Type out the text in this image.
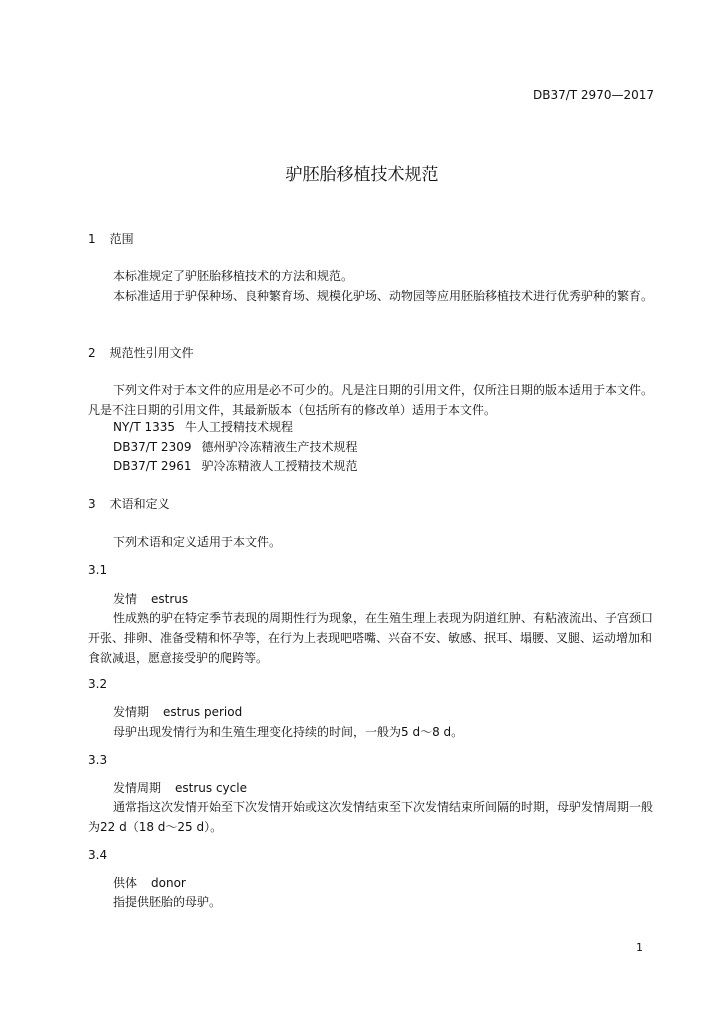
DB37/T 2970—2017
驴胚胎移植技术规范
1 范围
本标准规定了驴胚胎移植技术的方法和规范。
本标准适用于驴保种场、良种繁育场、规模化驴场、动物园等应用胚胎移植技术进行优秀驴种的繁育。
2 规范性引用文件
下列文件对于本文件的应用是必不可少的。凡是注日期的引用文件，仅所注日期的版本适用于本文件。凡是不注日期的引用文件，其最新版本（包括所有的修改单）适用于本文件。
NY/T 1335 牛人工授精技术规程
DB37/T 2309 德州驴冷冻精液生产技术规程
DB37/T 2961 驴冷冻精液人工授精技术规范
3 术语和定义
下列术语和定义适用于本文件。
3.1
发情 estrus
性成熟的驴在特定季节表现的周期性行为现象，在生殖生理上表现为阴道红肿、有粘液流出、子宫颈口开张、排卵、准备受精和怀孕等，在行为上表现吧嗒嘴、兴奋不安、敏感、抿耳、塌腰、叉腿、运动增加和食欲减退，愿意接受驴的爬跨等。
3.2
发情期 estrus period
母驴出现发情行为和生殖生理变化持续的时间，一般为5 d～8 d。
3.3
发情周期 estrus cycle
通常指这次发情开始至下次发情开始或这次发情结束至下次发情结束所间隔的时期，母驴发情周期一般为22 d（18 d～25 d）。
3.4
供体 donor
指提供胚胎的母驴。
1
